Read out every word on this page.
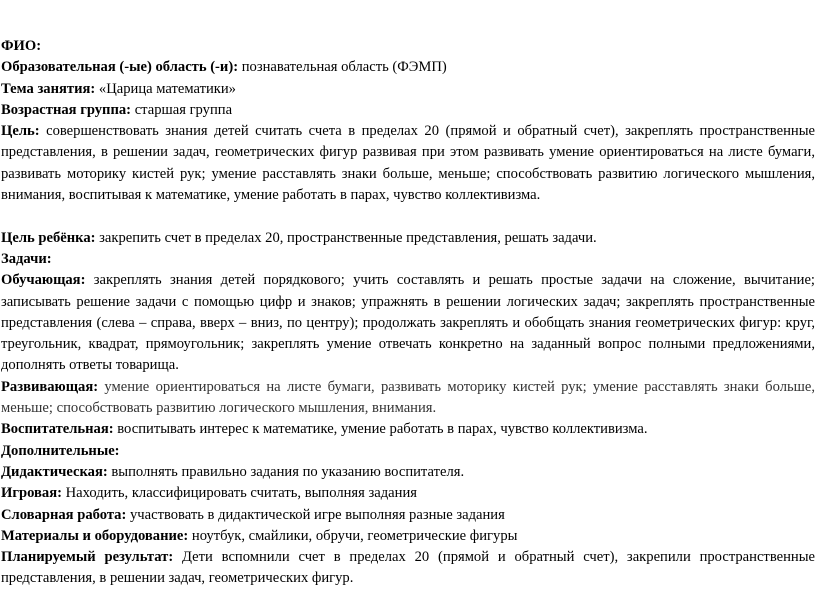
ФИО:

Образовательная (-ые) область (-и): познавательная область (ФЭМП)

Тема занятия: «Царица математики»

Возрастная группа: старшая группа

Цель: совершенствовать знания детей считать счета в пределах 20 (прямой и обратный счет), закреплять пространственные представления, в решении задач, геометрических фигур развивая при этом развивать умение ориентироваться на листе бумаги, развивать моторику кистей рук; умение расставлять знаки больше, меньше; способствовать развитию логического мышления, внимания, воспитывая к математике, умение работать в парах, чувство коллективизма.

Цель ребёнка: закрепить счет в пределах 20, пространственные представления, решать задачи.

Задачи:

Обучающая: закреплять знания детей порядкового; учить составлять и решать простые задачи на сложение, вычитание; записывать решение задачи с помощью цифр и знаков; упражнять в решении логических задач; закреплять пространственные представления (слева – справа, вверх – вниз, по центру); продолжать закреплять и обобщать знания геометрических фигур: круг, треугольник, квадрат, прямоугольник; закреплять умение отвечать конкретно на заданный вопрос полными предложениями, дополнять ответы товарища.

Развивающая: умение ориентироваться на листе бумаги, развивать моторику кистей рук; умение расставлять знаки больше, меньше; способствовать развитию логического мышления, внимания.

Воспитательная: воспитывать интерес к математике, умение работать в парах, чувство коллективизма.

Дополнительные:

Дидактическая: выполнять правильно задания по указанию воспитателя.

Игровая: Находить, классифицировать считать, выполняя задания

Словарная работа: участвовать в дидактической игре выполняя разные задания

Материалы и оборудование: ноутбук, смайлики, обручи, геометрические фигуры

Планируемый результат: Дети вспомнили счет в пределах 20 (прямой и обратный счет), закрепили пространственные представления, в решении задач, геометрических фигур.
